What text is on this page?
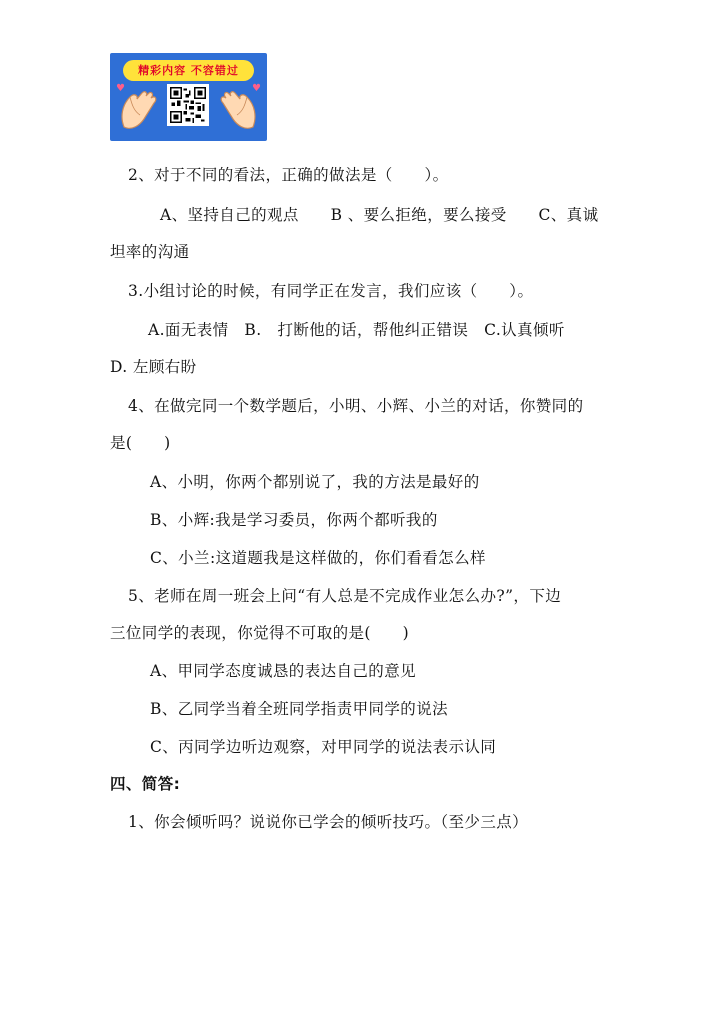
精彩内容 不容错过
♥	♥
2、对于不同的看法，正确的做法是（　　）。
A、坚持自己的观点　　B 、要么拒绝，要么接受　　C、真诚
坦率的沟通
3.小组讨论的时候，有同学正在发言，我们应该（　　）。
A.面无表情　B.　打断他的话，帮他纠正错误　C.认真倾听
D. 左顾右盼
4、在做完同一个数学题后，小明、小辉、小兰的对话，你赞同的
是(　　)
A、小明，你两个都别说了，我的方法是最好的
B、小辉:我是学习委员，你两个都听我的
C、小兰:这道题我是这样做的，你们看看怎么样
5、老师在周一班会上问“有人总是不完成作业怎么办?”，下边
三位同学的表现，你觉得不可取的是(　　)
A、甲同学态度诚恳的表达自己的意见
B、乙同学当着全班同学指责甲同学的说法
C、丙同学边听边观察，对甲同学的说法表示认同
四、简答:
1、你会倾听吗？说说你已学会的倾听技巧。（至少三点）
